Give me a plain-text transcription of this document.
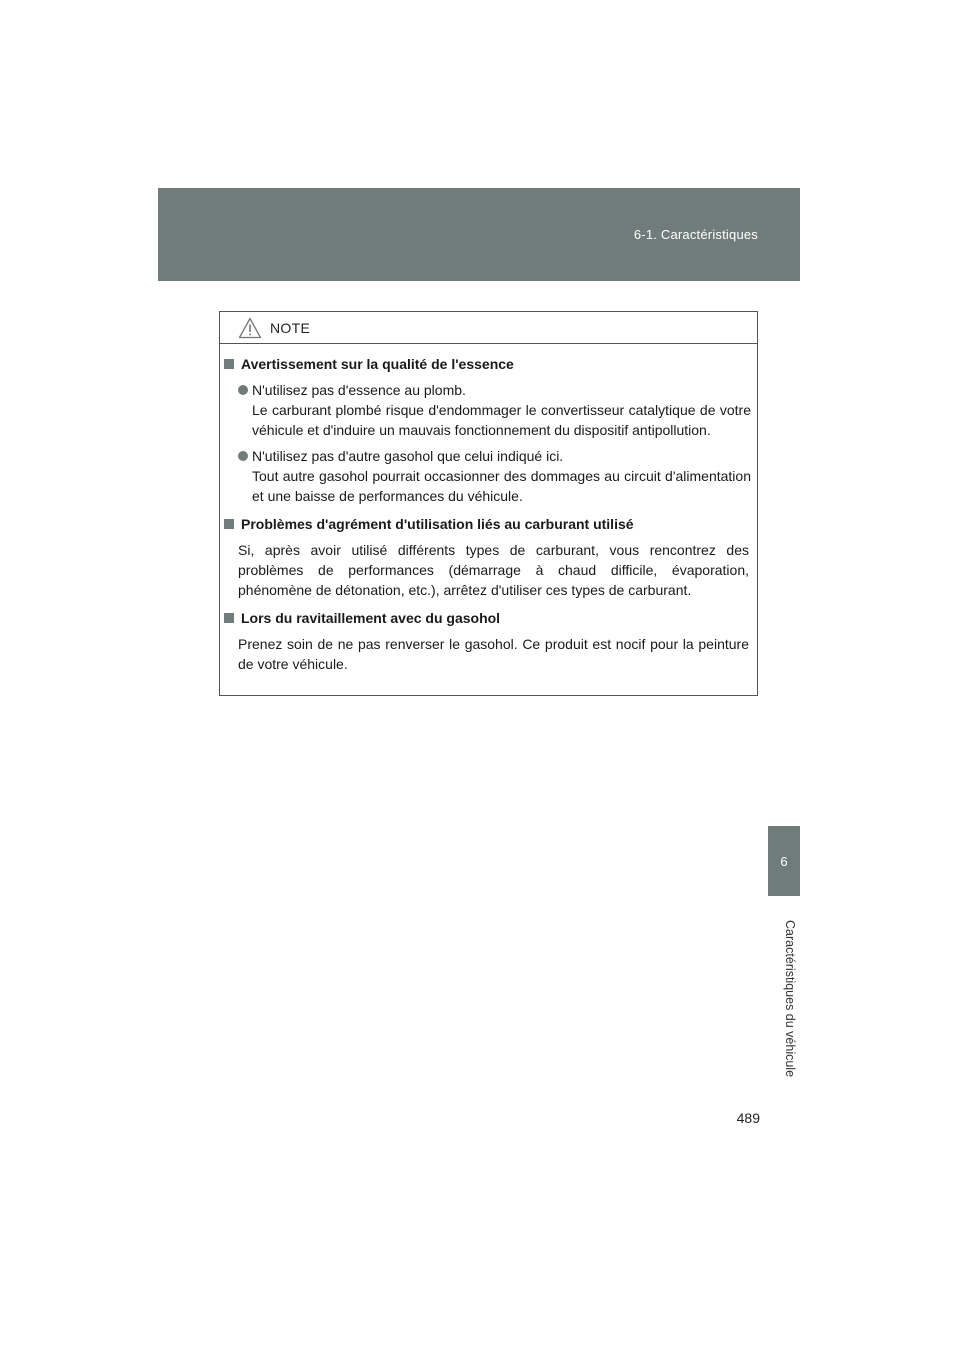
6-1. Caractéristiques
6
Caractéristiques du véhicule
NOTE
Avertissement sur la qualité de l'essence
N'utilisez pas d'essence au plomb.
Le carburant plombé risque d'endommager le convertisseur catalytique de votre véhicule et d'induire un mauvais fonctionnement du dispositif antipollution.
N'utilisez pas d'autre gasohol que celui indiqué ici.
Tout autre gasohol pourrait occasionner des dommages au circuit d'alimentation et une baisse de performances du véhicule.
Problèmes d'agrément d'utilisation liés au carburant utilisé
Si, après avoir utilisé différents types de carburant, vous rencontrez des problèmes de performances (démarrage à chaud difficile, évaporation, phénomène de détonation, etc.), arrêtez d'utiliser ces types de carburant.
Lors du ravitaillement avec du gasohol
Prenez soin de ne pas renverser le gasohol. Ce produit est nocif pour la peinture de votre véhicule.
489
